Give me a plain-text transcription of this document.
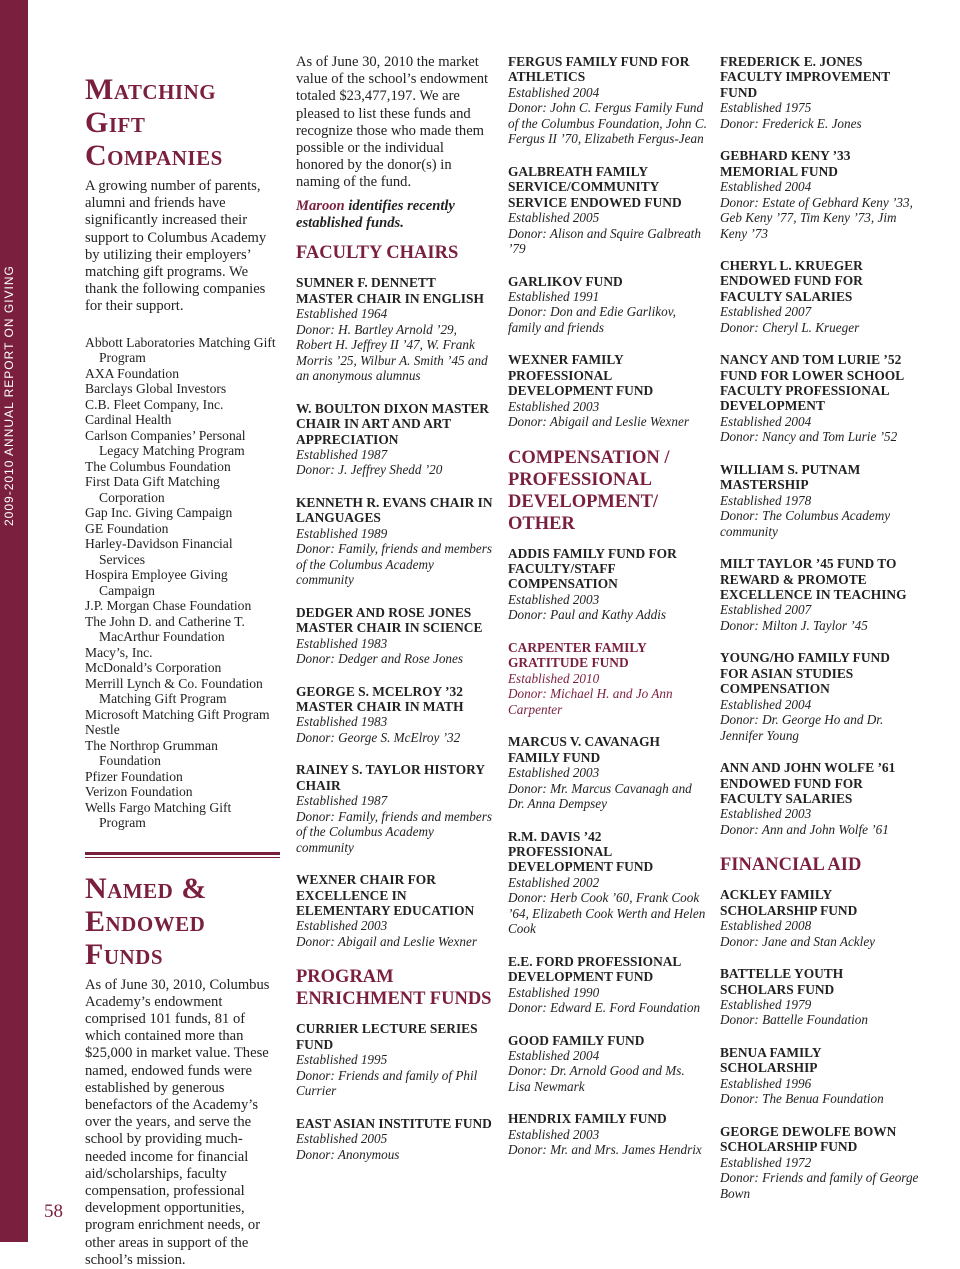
2009-2010 ANNUAL REPORT ON GIVING
58
Matching Gift Companies

A growing number of parents, alumni and friends have significantly increased their support to Columbus Academy by utilizing their employers’ matching gift programs. We thank the following companies for their support.

Abbott Laboratories Matching Gift Program
AXA Foundation
Barclays Global Investors
C.B. Fleet Company, Inc.
Cardinal Health
Carlson Companies’ Personal Legacy Matching Program
The Columbus Foundation
First Data Gift Matching Corporation
Gap Inc. Giving Campaign
GE Foundation
Harley-Davidson Financial Services
Hospira Employee Giving Campaign
J.P. Morgan Chase Foundation
The John D. and Catherine T. MacArthur Foundation
Macy’s, Inc.
McDonald’s Corporation
Merrill Lynch & Co. Foundation Matching Gift Program
Microsoft Matching Gift Program
Nestle
The Northrop Grumman Foundation
Pfizer Foundation
Verizon Foundation
Wells Fargo Matching Gift Program
Named & Endowed Funds

As of June 30, 2010, Columbus Academy’s endowment comprised 101 funds, 81 of which contained more than $25,000 in market value. These named, endowed funds were established by generous benefactors of the Academy’s over the years, and serve the school by providing much-needed income for financial aid/scholarships, faculty compensation, professional development opportunities, program enrichment needs, or other areas in support of the school’s mission.

As of June 30, 2010 the market value of the school’s endowment totaled $23,477,197. We are pleased to list these funds and recognize those who made them possible or the individual honored by the donor(s) in naming of the fund.

Maroon identifies recently established funds.

FACULTY CHAIRS
SUMNER F. DENNETT MASTER CHAIR IN ENGLISH
Established 1964
Donor: H. Bartley Arnold ’29, Robert H. Jeffrey II ’47, W. Frank Morris ’25, Wilbur A. Smith ’45 and an anonymous alumnus
W. BOULTON DIXON MASTER CHAIR IN ART AND ART APPRECIATION
Established 1987
Donor: J. Jeffrey Shedd ’20
KENNETH R. EVANS CHAIR IN LANGUAGES
Established 1989
Donor: Family, friends and members of the Columbus Academy community
DEDGER AND ROSE JONES MASTER CHAIR IN SCIENCE
Established 1983
Donor: Dedger and Rose Jones
GEORGE S. MCELROY ’32 MASTER CHAIR IN MATH
Established 1983
Donor: George S. McElroy ’32
RAINEY S. TAYLOR HISTORY CHAIR
Established 1987
Donor: Family, friends and members of the Columbus Academy community
WEXNER CHAIR FOR EXCELLENCE IN ELEMENTARY EDUCATION
Established 2003
Donor: Abigail and Leslie Wexner
PROGRAM ENRICHMENT FUNDS
CURRIER LECTURE SERIES FUND
Established 1995
Donor: Friends and family of Phil Currier
EAST ASIAN INSTITUTE FUND
Established 2005
Donor: Anonymous
FERGUS FAMILY FUND FOR ATHLETICS
Established 2004
Donor: John C. Fergus Family Fund of the Columbus Foundation, John C. Fergus II ’70, Elizabeth Fergus-Jean
GALBREATH FAMILY SERVICE/COMMUNITY SERVICE ENDOWED FUND
Established 2005
Donor: Alison and Squire Galbreath ’79
GARLIKOV FUND
Established 1991
Donor: Don and Edie Garlikov, family and friends
WEXNER FAMILY PROFESSIONAL DEVELOPMENT FUND
Established 2003
Donor: Abigail and Leslie Wexner
COMPENSATION / PROFESSIONAL DEVELOPMENT/ OTHER
ADDIS FAMILY FUND FOR FACULTY/STAFF COMPENSATION
Established 2003
Donor: Paul and Kathy Addis
CARPENTER FAMILY GRATITUDE FUND
Established 2010
Donor: Michael H. and Jo Ann Carpenter
MARCUS V. CAVANAGH FAMILY FUND
Established 2003
Donor: Mr. Marcus Cavanagh and Dr. Anna Dempsey
R.M. DAVIS ’42 PROFESSIONAL DEVELOPMENT FUND
Established 2002
Donor: Herb Cook ’60, Frank Cook ’64, Elizabeth Cook Werth and Helen Cook
E.E. FORD PROFESSIONAL DEVELOPMENT FUND
Established 1990
Donor: Edward E. Ford Foundation
GOOD FAMILY FUND
Established 2004
Donor: Dr. Arnold Good and Ms. Lisa Newmark
HENDRIX FAMILY FUND
Established 2003
Donor: Mr. and Mrs. James Hendrix
FREDERICK E. JONES FACULTY IMPROVEMENT FUND
Established 1975
Donor: Frederick E. Jones
GEBHARD KENY ’33 MEMORIAL FUND
Established 2004
Donor: Estate of Gebhard Keny ’33, Geb Keny ’77, Tim Keny ’73, Jim Keny ’73
CHERYL L. KRUEGER ENDOWED FUND FOR FACULTY SALARIES
Established 2007
Donor: Cheryl L. Krueger
NANCY AND TOM LURIE ’52 FUND FOR LOWER SCHOOL FACULTY PROFESSIONAL DEVELOPMENT
Established 2004
Donor: Nancy and Tom Lurie ’52
WILLIAM S. PUTNAM MASTERSHIP
Established 1978
Donor: The Columbus Academy community
MILT TAYLOR ’45 FUND TO REWARD & PROMOTE EXCELLENCE IN TEACHING
Established 2007
Donor: Milton J. Taylor ’45
YOUNG/HO FAMILY FUND FOR ASIAN STUDIES COMPENSATION
Established 2004
Donor: Dr. George Ho and Dr. Jennifer Young
ANN AND JOHN WOLFE ’61 ENDOWED FUND FOR FACULTY SALARIES
Established 2003
Donor: Ann and John Wolfe ’61
FINANCIAL AID
ACKLEY FAMILY SCHOLARSHIP FUND
Established 2008
Donor: Jane and Stan Ackley
BATTELLE YOUTH SCHOLARS FUND
Established 1979
Donor: Battelle Foundation
BENUA FAMILY SCHOLARSHIP
Established 1996
Donor: The Benua Foundation
GEORGE DEWOLFE BOWN SCHOLARSHIP FUND
Established 1972
Donor: Friends and family of George Bown
